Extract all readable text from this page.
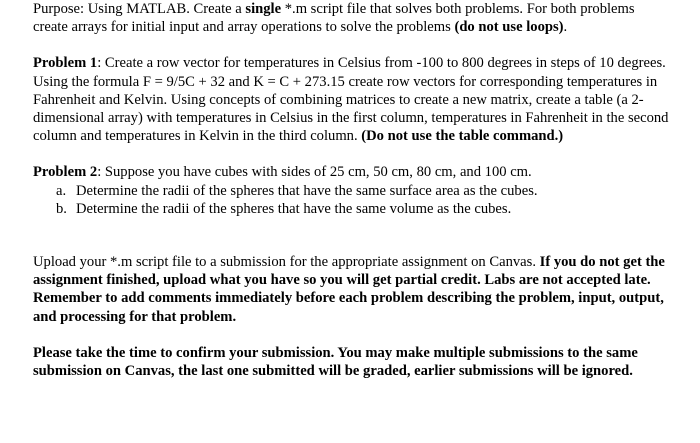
Purpose: Using MATLAB. Create a single *.m script file that solves both problems. For both problems create arrays for initial input and array operations to solve the problems (do not use loops).

Problem 1: Create a row vector for temperatures in Celsius from -100 to 800 degrees in steps of 10 degrees. Using the formula F = 9/5C + 32 and K = C + 273.15 create row vectors for corresponding temperatures in Fahrenheit and Kelvin. Using concepts of combining matrices to create a new matrix, create a table (a 2-dimensional array) with temperatures in Celsius in the first column, temperatures in Fahrenheit in the second column and temperatures in Kelvin in the third column. (Do not use the table command.)

Problem 2: Suppose you have cubes with sides of 25 cm, 50 cm, 80 cm, and 100 cm.

a. Determine the radii of the spheres that have the same surface area as the cubes.
b. Determine the radii of the spheres that have the same volume as the cubes.

Upload your *.m script file to a submission for the appropriate assignment on Canvas. If you do not get the assignment finished, upload what you have so you will get partial credit. Labs are not accepted late. Remember to add comments immediately before each problem describing the problem, input, output, and processing for that problem.

Please take the time to confirm your submission. You may make multiple submissions to the same submission on Canvas, the last one submitted will be graded, earlier submissions will be ignored.
